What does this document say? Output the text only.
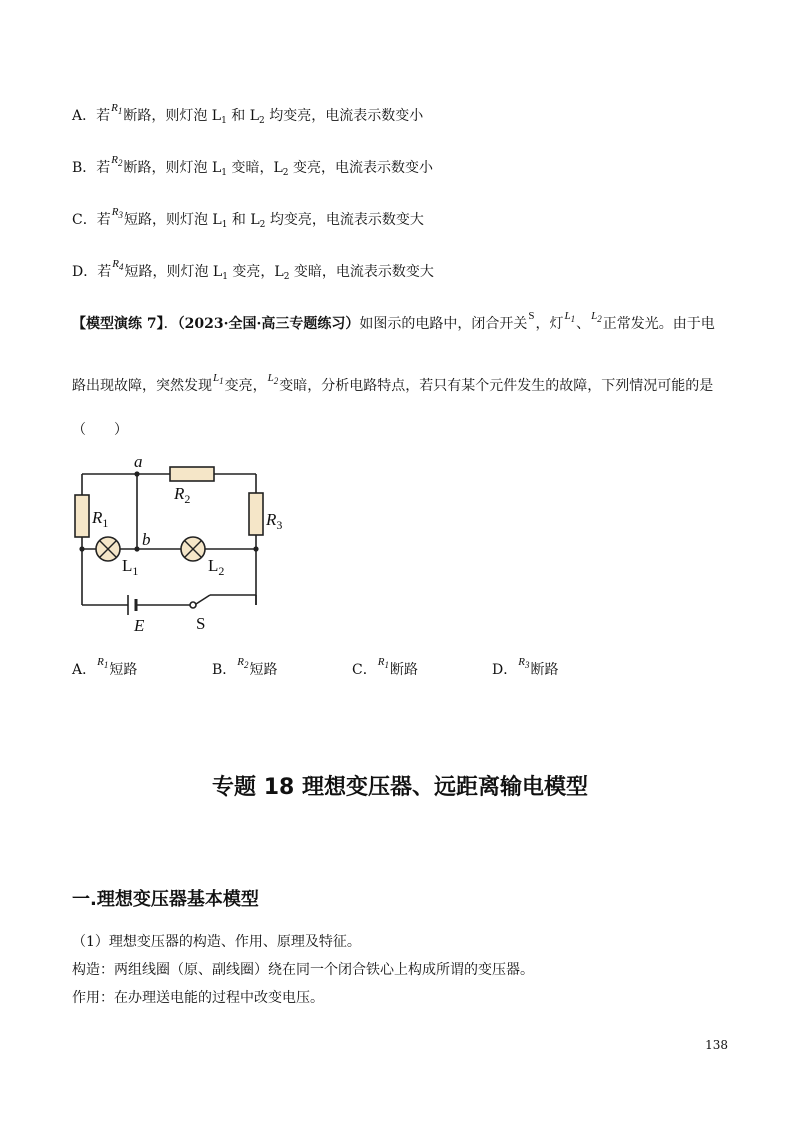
A．若$^{R_1}$断路，则灯泡 $L_1$ 和 $L_2$ 均变亮，电流表示数变小
B．若$^{R_2}$断路，则灯泡 $L_1$ 变暗，$L_2$ 变亮，电流表示数变小
C．若$^{R_3}$短路，则灯泡 $L_1$ 和 $L_2$ 均变亮，电流表示数变大
D．若$^{R_4}$短路，则灯泡 $L_1$ 变亮，$L_2$ 变暗，电流表示数变大
【模型演练 7】．（2023·全国·高三专题练习）如图示的电路中，闭合开关$^S$，灯$^{L_1}$、$^{L_2}$正常发光。由于电
路出现故障，突然发现$^{L_1}$变亮，$^{L_2}$变暗，分析电路特点，若只有某个元件发生的故障，下列情况可能的是
（　　）
a
b
$R_1$
$R_2$
$R_3$
$L_1$	$L_2$
E	S
A．$^{R_1}$短路	B．$^{R_2}$短路	C．$^{R_1}$断路	D．$^{R_3}$断路
专题 18 理想变压器、远距离输电模型
一.理想变压器基本模型
（1）理想变压器的构造、作用、原理及特征。
构造：两组线圈（原、副线圈）绕在同一个闭合铁心上构成所谓的变压器。
作用：在办理送电能的过程中改变电压。
138
